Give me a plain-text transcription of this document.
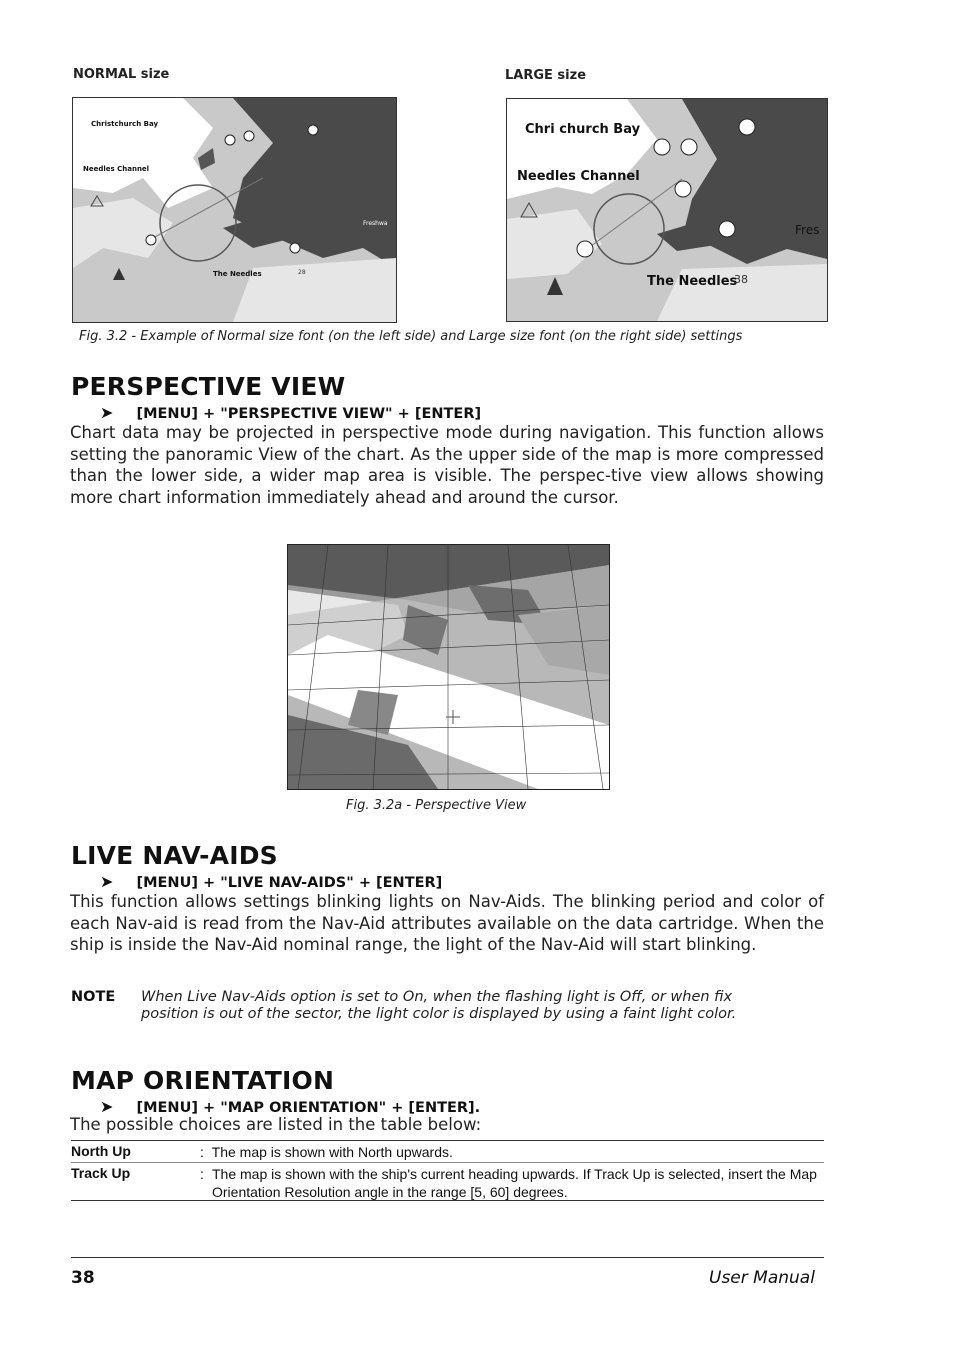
NORMAL size	LARGE size
Christchurch Bay
Needles Channel
Freshwa
The Needles	28
Chri church Bay
Needles Channel
Fres
The Needles
38
Fig. 3.2 - Example of Normal size font (on the left side) and Large size font (on the right side) settings
PERSPECTIVE VIEW
➤ [MENU] + "PERSPECTIVE VIEW" + [ENTER]
Chart data may be projected in perspective mode during navigation. This function allows setting the panoramic View of the chart. As the upper side of the map is more compressed than the lower side, a wider map area is visible. The perspec-tive view allows showing more chart information immediately ahead and around the cursor.
Fig. 3.2a - Perspective View
LIVE NAV-AIDS
➤ [MENU] + "LIVE NAV-AIDS" + [ENTER]
This function allows settings blinking lights on Nav-Aids. The blinking period and color of each Nav-aid is read from the Nav-Aid attributes available on the data cartridge. When the ship is inside the Nav-Aid nominal range, the light of the Nav-Aid will start blinking.
NOTE When Live Nav-Aids option is set to On, when the flashing light is Off, or when fix position is out of the sector, the light color is displayed by using a faint light color.
MAP ORIENTATION
➤ [MENU] + "MAP ORIENTATION" + [ENTER].
The possible choices are listed in the table below:
North Up	: The map is shown with North upwards.
Track Up	: The map is shown with the ship's current heading upwards. If Track Up is selected, insert the Map Orientation Resolution angle in the range [5, 60] degrees.
38	User Manual
